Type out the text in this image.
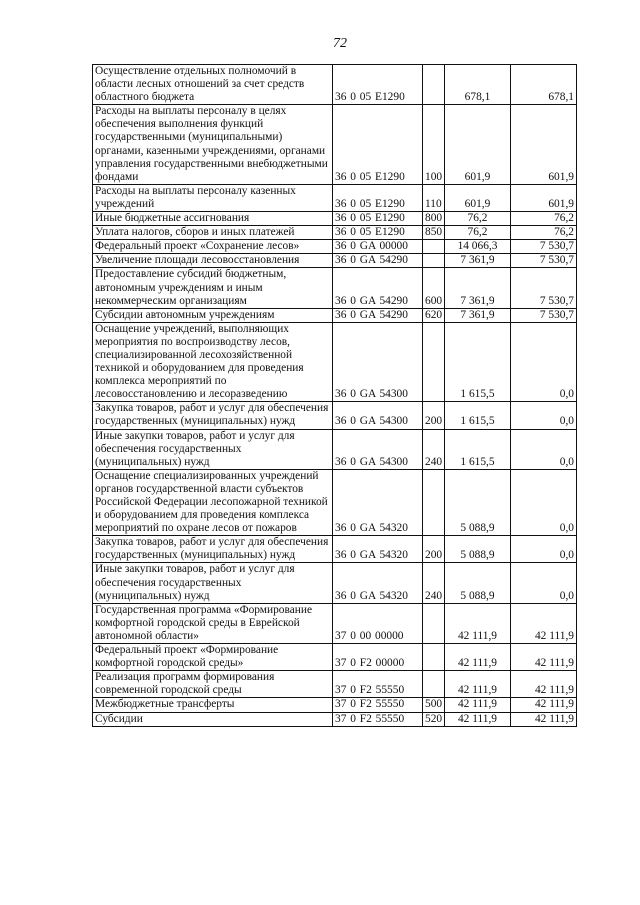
72
Осуществление отдельных полномочий в области лесных отношений за счет средств областного бюджета	36 0 05 E1290		678,1	678,1
Расходы на выплаты персоналу в целях обеспечения выполнения функций государственными (муниципальными) органами, казенными учреждениями, органами управления государственными внебюджетными фондами	36 0 05 E1290	100	601,9	601,9
Расходы на выплаты персоналу казенных учреждений	36 0 05 E1290	110	601,9	601,9
Иные бюджетные ассигнования	36 0 05 E1290	800	76,2	76,2
Уплата налогов, сборов и иных платежей	36 0 05 E1290	850	76,2	76,2
Федеральный проект «Сохранение лесов»	36 0 GA 00000		14 066,3	7 530,7
Увеличение площади лесовосстановления	36 0 GA 54290		7 361,9	7 530,7
Предоставление субсидий бюджетным, автономным учреждениям и иным некоммерческим организациям	36 0 GA 54290	600	7 361,9	7 530,7
Субсидии автономным учреждениям	36 0 GA 54290	620	7 361,9	7 530,7
Оснащение учреждений, выполняющих мероприятия по воспроизводству лесов, специализированной лесохозяйственной техникой и оборудованием для проведения комплекса мероприятий по лесовосстановлению и лесоразведению	36 0 GA 54300		1 615,5	0,0
Закупка товаров, работ и услуг для обеспечения государственных (муниципальных) нужд	36 0 GA 54300	200	1 615,5	0,0
Иные закупки товаров, работ и услуг для обеспечения государственных (муниципальных) нужд	36 0 GA 54300	240	1 615,5	0,0
Оснащение специализированных учреждений органов государственной власти субъектов Российской Федерации лесопожарной техникой и оборудованием для проведения комплекса мероприятий по охране лесов от пожаров	36 0 GA 54320		5 088,9	0,0
Закупка товаров, работ и услуг для обеспечения государственных (муниципальных) нужд	36 0 GA 54320	200	5 088,9	0,0
Иные закупки товаров, работ и услуг для обеспечения государственных (муниципальных) нужд	36 0 GA 54320	240	5 088,9	0,0
Государственная программа «Формирование комфортной городской среды в Еврейской автономной области»	37 0 00 00000		42 111,9	42 111,9
Федеральный проект «Формирование комфортной городской среды»	37 0 F2 00000		42 111,9	42 111,9
Реализация программ формирования современной городской среды	37 0 F2 55550		42 111,9	42 111,9
Межбюджетные трансферты	37 0 F2 55550	500	42 111,9	42 111,9
Субсидии	37 0 F2 55550	520	42 111,9	42 111,9
